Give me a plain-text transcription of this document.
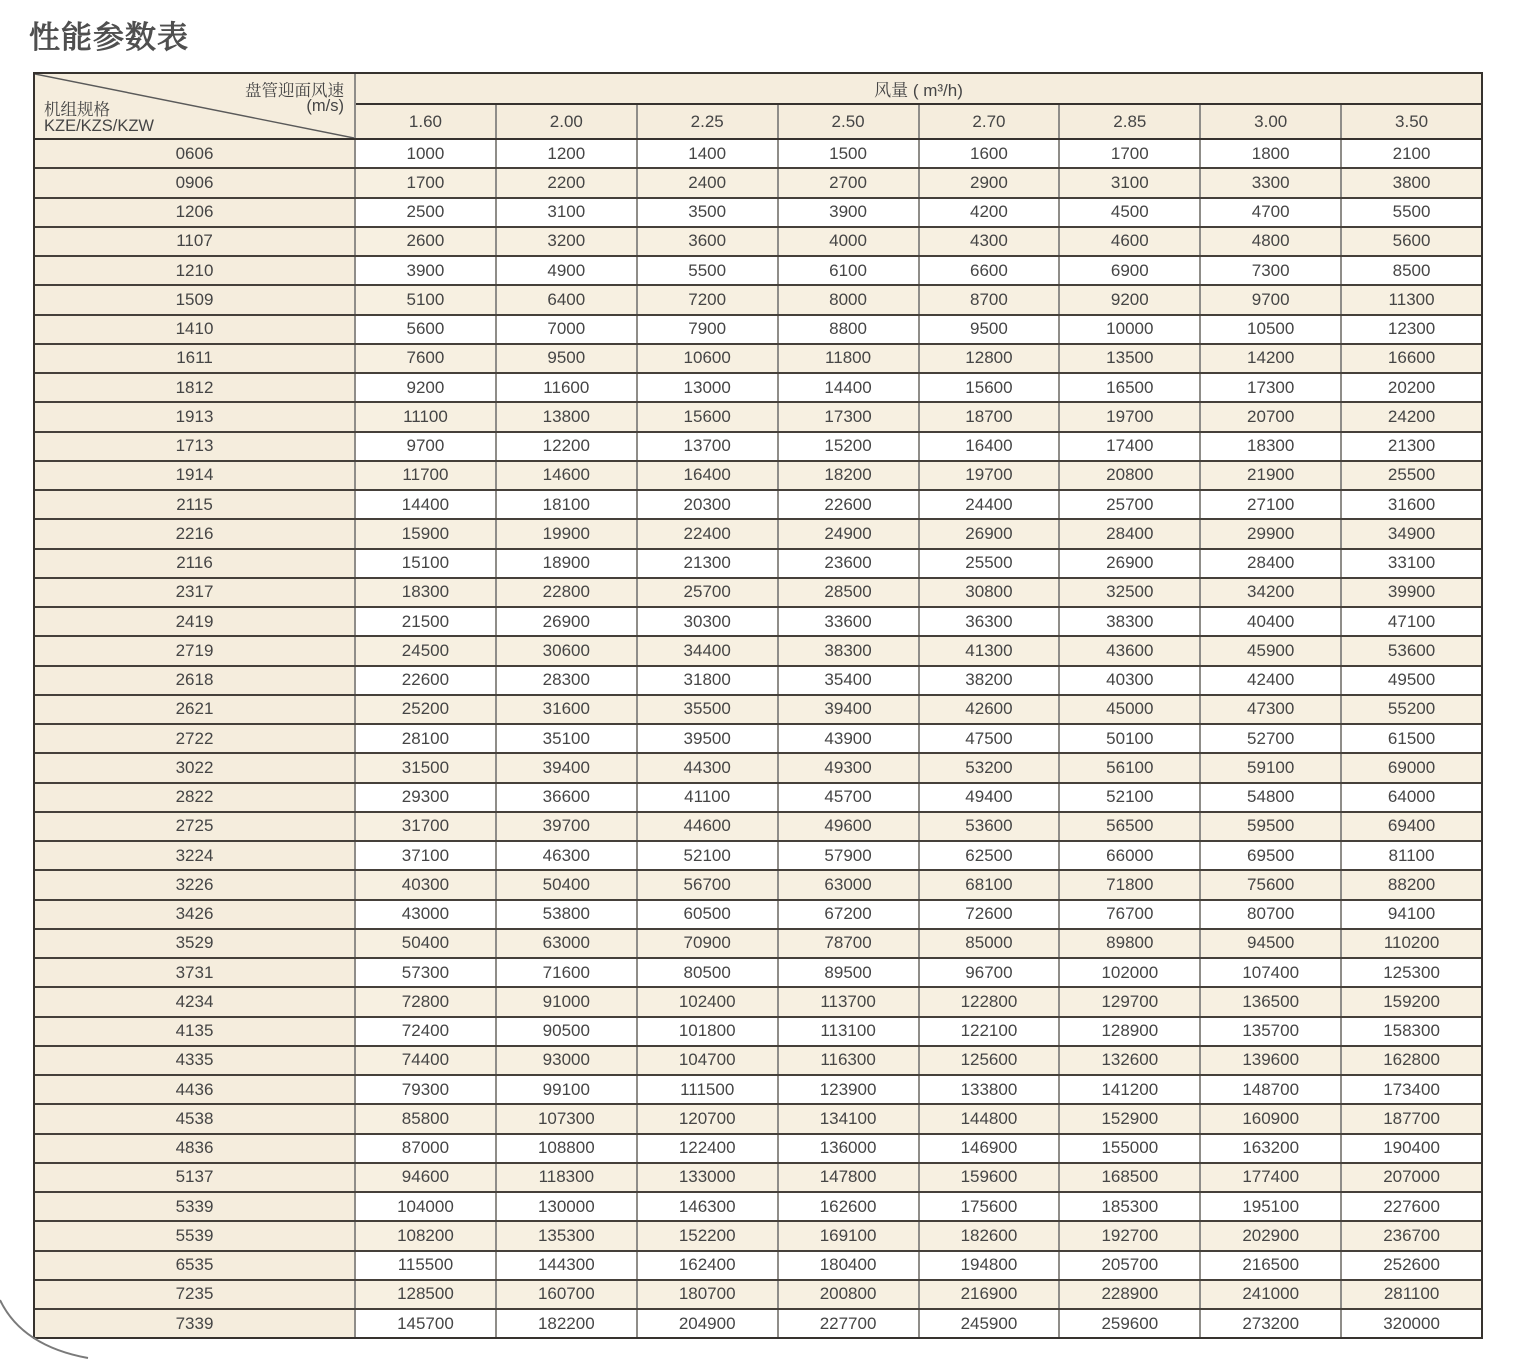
性能参数表
盘管迎面风速
(m/s)
机组规格
KZE/KZS/KZW
风量 ( m³/h)
1.60	2.00	2.25	2.50	2.70	2.85	3.00	3.50
0606	1000	1200	1400	1500	1600	1700	1800	2100
0906	1700	2200	2400	2700	2900	3100	3300	3800
1206	2500	3100	3500	3900	4200	4500	4700	5500
1107	2600	3200	3600	4000	4300	4600	4800	5600
1210	3900	4900	5500	6100	6600	6900	7300	8500
1509	5100	6400	7200	8000	8700	9200	9700	11300
1410	5600	7000	7900	8800	9500	10000	10500	12300
1611	7600	9500	10600	11800	12800	13500	14200	16600
1812	9200	11600	13000	14400	15600	16500	17300	20200
1913	11100	13800	15600	17300	18700	19700	20700	24200
1713	9700	12200	13700	15200	16400	17400	18300	21300
1914	11700	14600	16400	18200	19700	20800	21900	25500
2115	14400	18100	20300	22600	24400	25700	27100	31600
2216	15900	19900	22400	24900	26900	28400	29900	34900
2116	15100	18900	21300	23600	25500	26900	28400	33100
2317	18300	22800	25700	28500	30800	32500	34200	39900
2419	21500	26900	30300	33600	36300	38300	40400	47100
2719	24500	30600	34400	38300	41300	43600	45900	53600
2618	22600	28300	31800	35400	38200	40300	42400	49500
2621	25200	31600	35500	39400	42600	45000	47300	55200
2722	28100	35100	39500	43900	47500	50100	52700	61500
3022	31500	39400	44300	49300	53200	56100	59100	69000
2822	29300	36600	41100	45700	49400	52100	54800	64000
2725	31700	39700	44600	49600	53600	56500	59500	69400
3224	37100	46300	52100	57900	62500	66000	69500	81100
3226	40300	50400	56700	63000	68100	71800	75600	88200
3426	43000	53800	60500	67200	72600	76700	80700	94100
3529	50400	63000	70900	78700	85000	89800	94500	110200
3731	57300	71600	80500	89500	96700	102000	107400	125300
4234	72800	91000	102400	113700	122800	129700	136500	159200
4135	72400	90500	101800	113100	122100	128900	135700	158300
4335	74400	93000	104700	116300	125600	132600	139600	162800
4436	79300	99100	111500	123900	133800	141200	148700	173400
4538	85800	107300	120700	134100	144800	152900	160900	187700
4836	87000	108800	122400	136000	146900	155000	163200	190400
5137	94600	118300	133000	147800	159600	168500	177400	207000
5339	104000	130000	146300	162600	175600	185300	195100	227600
5539	108200	135300	152200	169100	182600	192700	202900	236700
6535	115500	144300	162400	180400	194800	205700	216500	252600
7235	128500	160700	180700	200800	216900	228900	241000	281100
7339	145700	182200	204900	227700	245900	259600	273200	320000
